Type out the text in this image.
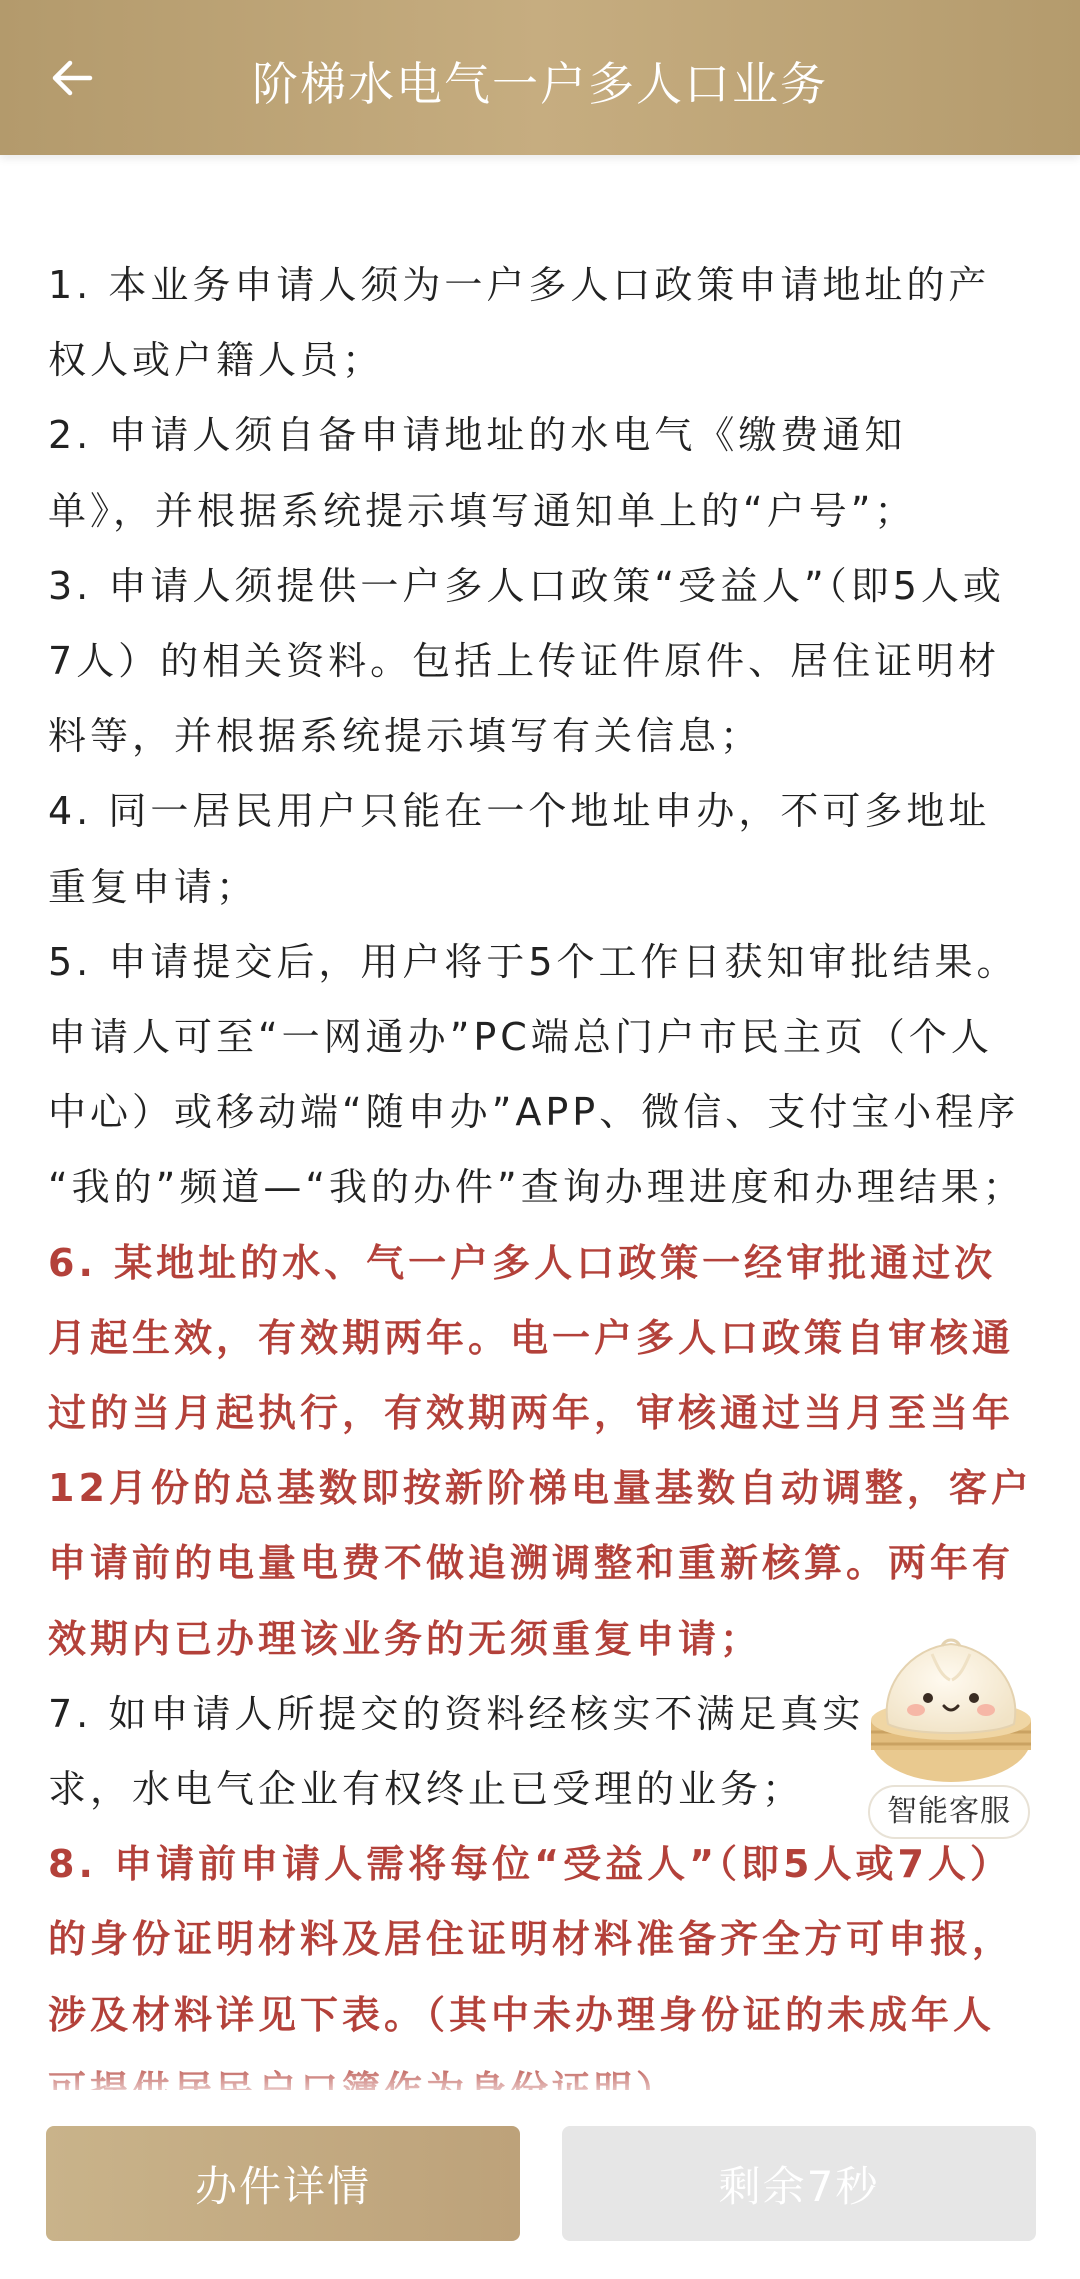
阶梯水电气一户多人口业务

1. 本业务申请人须为一户多人口政策申请地址的产
权人或户籍人员；

2. 申请人须自备申请地址的水电气《缴费通知
单》，并根据系统提示填写通知单上的“户号”；

3. 申请人须提供一户多人口政策“受益人”（即5人或
7人）的相关资料。包括上传证件原件、居住证明材
料等，并根据系统提示填写有关信息；

4. 同一居民用户只能在一个地址申办，不可多地址
重复申请；

5. 申请提交后，用户将于5个工作日获知审批结果。
申请人可至“一网通办”PC端总门户市民主页（个人
中心）或移动端“随申办”APP、微信、支付宝小程序
“我的”频道—“我的办件”查询办理进度和办理结果；

6. 某地址的水、气一户多人口政策一经审批通过次
月起生效，有效期两年。电一户多人口政策自审核通
过的当月起执行，有效期两年，审核通过当月至当年
12月份的总基数即按新阶梯电量基数自动调整，客户
申请前的电量电费不做追溯调整和重新核算。两年有
效期内已办理该业务的无须重复申请；

7. 如申请人所提交的资料经核实不满足真实
求，水电气企业有权终止已受理的业务；

8. 申请前申请人需将每位“受益人”（即5人或7人）
的身份证明材料及居住证明材料准备齐全方可申报，
涉及材料详见下表。（其中未办理身份证的未成年人

智能客服
办件详情	剩余7秒
